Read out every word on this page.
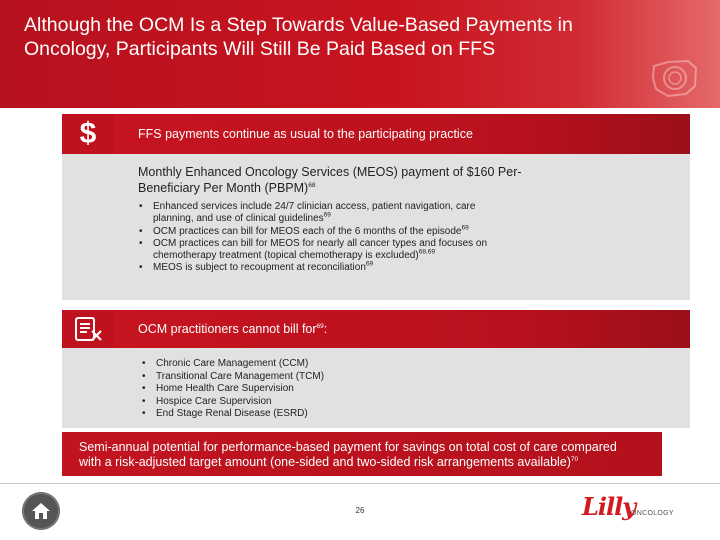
Although the OCM Is a Step Towards Value-Based Payments in Oncology, Participants Will Still Be Paid Based on FFS
$	FFS payments continue as usual to the participating practice
Monthly Enhanced Oncology Services (MEOS) payment of $160 Per-Beneficiary Per Month (PBPM)$^{68}$
• Enhanced services include 24/7 clinician access, patient navigation, care planning, and use of clinical guidelines$^{69}$
• OCM practices can bill for MEOS each of the 6 months of the episode$^{69}$
• OCM practices can bill for MEOS for nearly all cancer types and focuses on chemotherapy treatment (topical chemotherapy is excluded)$^{68,69}$
• MEOS is subject to recoupment at reconciliation$^{69}$
OCM practitioners cannot bill for$^{69}$:
• Chronic Care Management (CCM)
• Transitional Care Management (TCM)
• Home Health Care Supervision
• Hospice Care Supervision
• End Stage Renal Disease (ESRD)
Semi-annual potential for performance-based payment for savings on total cost of care compared with a risk-adjusted target amount (one-sided and two-sided risk arrangements available)$^{70}$
26	Lilly
ONCOLOGY
